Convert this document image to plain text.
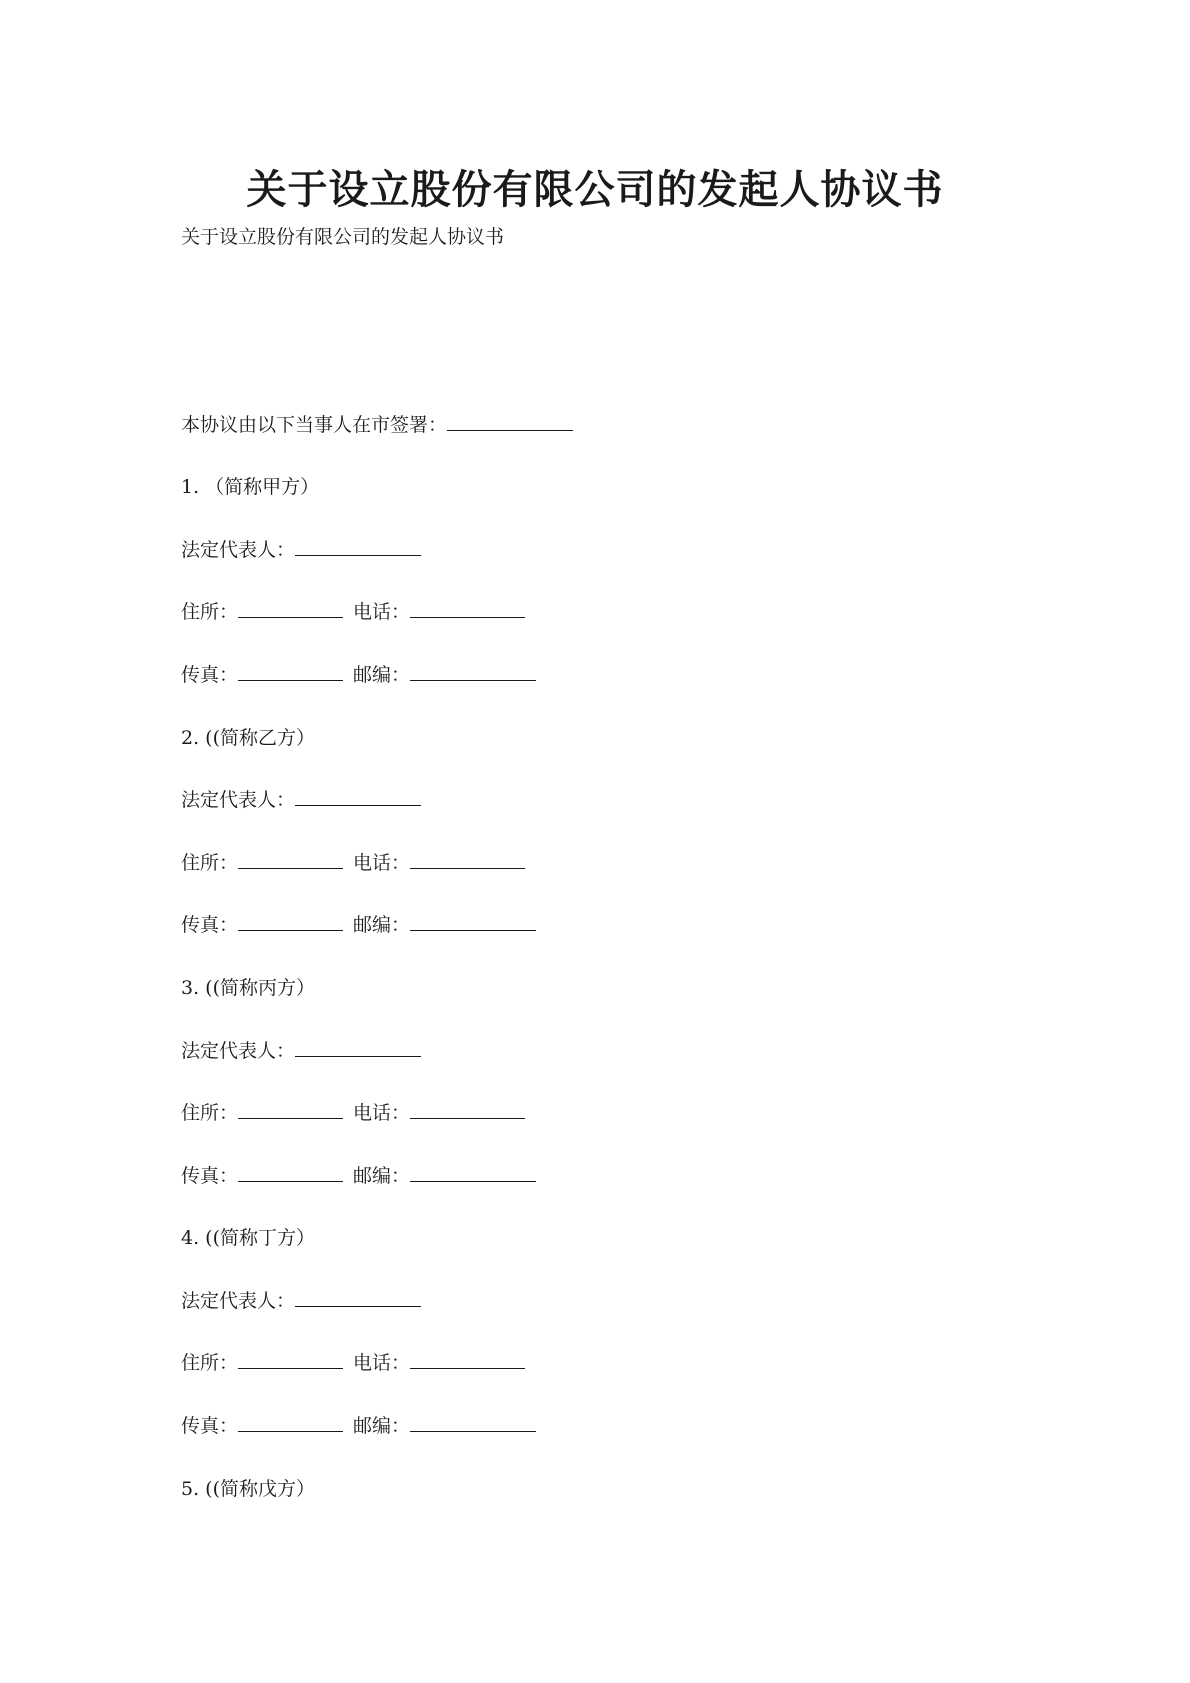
关于设立股份有限公司的发起人协议书
关于设立股份有限公司的发起人协议书
本协议由以下当事人在市签署：
1. （简称甲方）
法定代表人：
住所：	电话：
传真：	邮编：
2. ((简称乙方）
法定代表人：
住所：	电话：
传真：	邮编：
3. ((简称丙方）
法定代表人：
住所：	电话：
传真：	邮编：
4. ((简称丁方）
法定代表人：
住所：	电话：
传真：	邮编：
5. ((简称戊方）
